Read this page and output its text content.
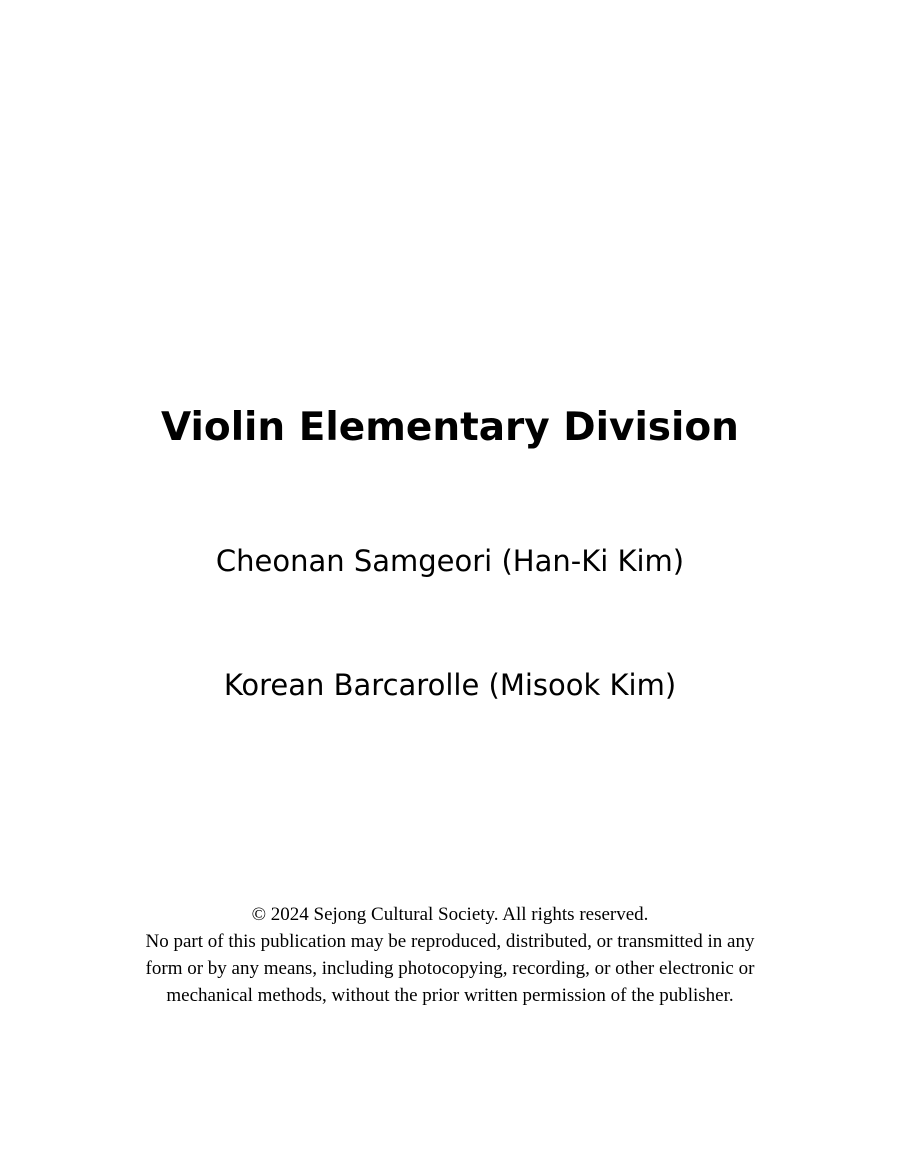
Violin Elementary Division

Cheonan Samgeori (Han-Ki Kim)

Korean Barcarolle (Misook Kim)

© 2024 Sejong Cultural Society. All rights reserved.
No part of this publication may be reproduced, distributed, or transmitted in any
form or by any means, including photocopying, recording, or other electronic or
mechanical methods, without the prior written permission of the publisher.
